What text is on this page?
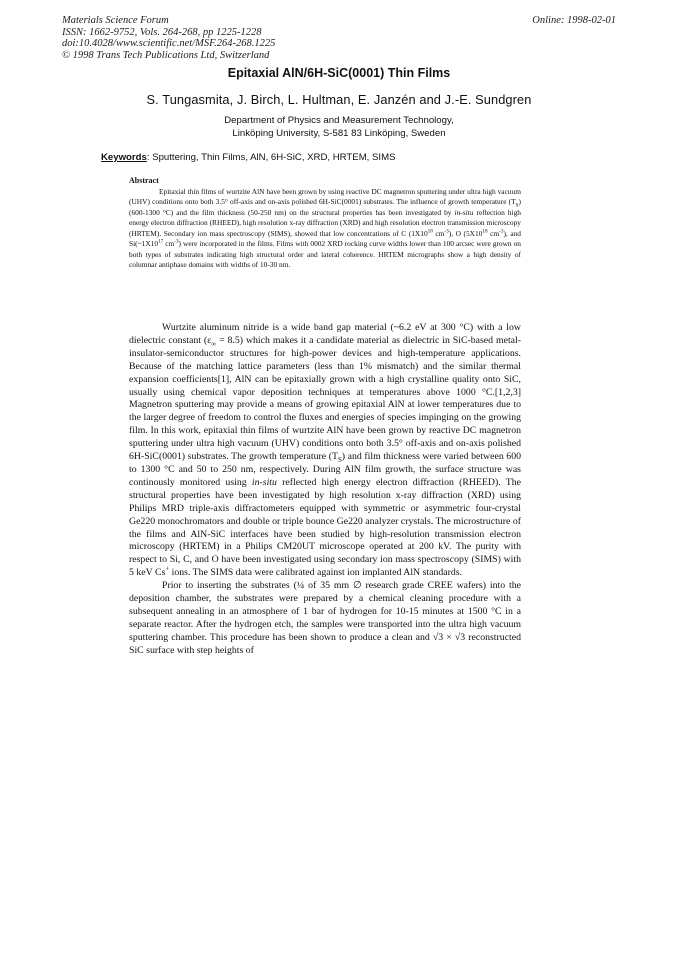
Materials Science Forum
ISSN: 1662-9752, Vols. 264-268, pp 1225-1228
doi:10.4028/www.scientific.net/MSF.264-268.1225
© 1998 Trans Tech Publications Ltd, Switzerland
Online: 1998-02-01
Epitaxial AlN/6H-SiC(0001) Thin Films
S. Tungasmita, J. Birch, L. Hultman, E. Janzén and J.-E. Sundgren
Department of Physics and Measurement Technology,
Linköping University, S-581 83 Linköping, Sweden
Keywords: Sputtering, Thin Films, AlN, 6H-SiC, XRD, HRTEM, SIMS
Abstract

Epitaxial thin films of wurtzite AlN have been grown by using reactive DC magnetron sputtering under ultra high vacuum (UHV) conditions onto both 3.5° off-axis and on-axis polished 6H-SiC(0001) substrates. The influence of growth temperature $(T_S)$ (600-1300 °C) and the film thickness (50-250 nm) on the structural properties has been investigated by in-situ reflection high energy electron diffraction (RHEED), high resolution x-ray diffraction (XRD) and high resolution electron transmission microscopy (HRTEM). Secondary ion mass spectroscopy (SIMS), showed that low concentrations of C ($1X10^{18}$ $cm^{-3}$), O ($5X10^{18}$ $cm^{-3}$), and $Si(\sim 1X10^{17}$ $cm^{-3}$) were incorporated in the films. Films with 0002 XRD rocking curve widths lower than 100 arcsec were grown on both types of substrates indicating high structural order and lateral coherence. HRTEM micrographs show a high density of columnar antiphase domains with widths of 10-30 nm.

Wurtzite aluminum nitride is a wide band gap material (~6.2 eV at 300 °C) with a low dielectric constant $(\varepsilon_\infty = 8.5)$ which makes it a candidate material as dielectric in SiC-based metal-insulator-semiconductor structures for high-power devices and high-temperature applications. Because of the matching lattice parameters (less than 1% mismatch) and the similar thermal expansion coefficients[1], AlN can be epitaxially grown with a high crystalline quality onto SiC, usually using chemical vapor deposition techniques at temperatures above 1000 °C.[1,2,3] Magnetron sputtering may provide a means of growing epitaxial AlN at lower temperatures due to the larger degree of freedom to control the fluxes and energies of species impinging on the growing film. In this work, epitaxial thin films of wurtzite AlN have been grown by reactive DC magnetron sputtering under ultra high vacuum (UHV) conditions onto both 3.5° off-axis and on-axis polished 6H-SiC(0001) substrates. The growth temperature $(T_S)$ and film thickness were varied between 600 to 1300 °C and 50 to 250 nm, respectively. During AlN film growth, the surface structure was continously monitored using in-situ reflected high energy electron diffraction (RHEED). The structural properties have been investigated by high resolution x-ray diffraction (XRD) using Philips MRD triple-axis diffractometers equipped with symmetric or asymmetric four-crystal Ge220 monochromators and double or triple bounce Ge220 analyzer crystals. The microstructure of the films and AlN-SiC interfaces have been studied by high-resolution transmission electron microscopy (HRTEM) in a Philips CM20UT microscope operated at 200 kV. The purity with respect to Si, C, and O have been investigated using secondary ion mass spectroscopy (SIMS) with 5 keV Cs+ ions. The SIMS data were calibrated against ion implanted AlN standards.

Prior to inserting the substrates (¼ of 35 mm ∅ research grade CREE wafers) into the deposition chamber, the substrates were prepared by a chemical cleaning procedure with a subsequent annealing in an atmosphere of 1 bar of hydrogen for 10-15 minutes at 1500 °C in a separate reactor. After the hydrogen etch, the samples were transported into the ultra high vacuum sputtering chamber. This procedure has been shown to produce a clean and √3 × √3 reconstructed SiC surface with step heights of
